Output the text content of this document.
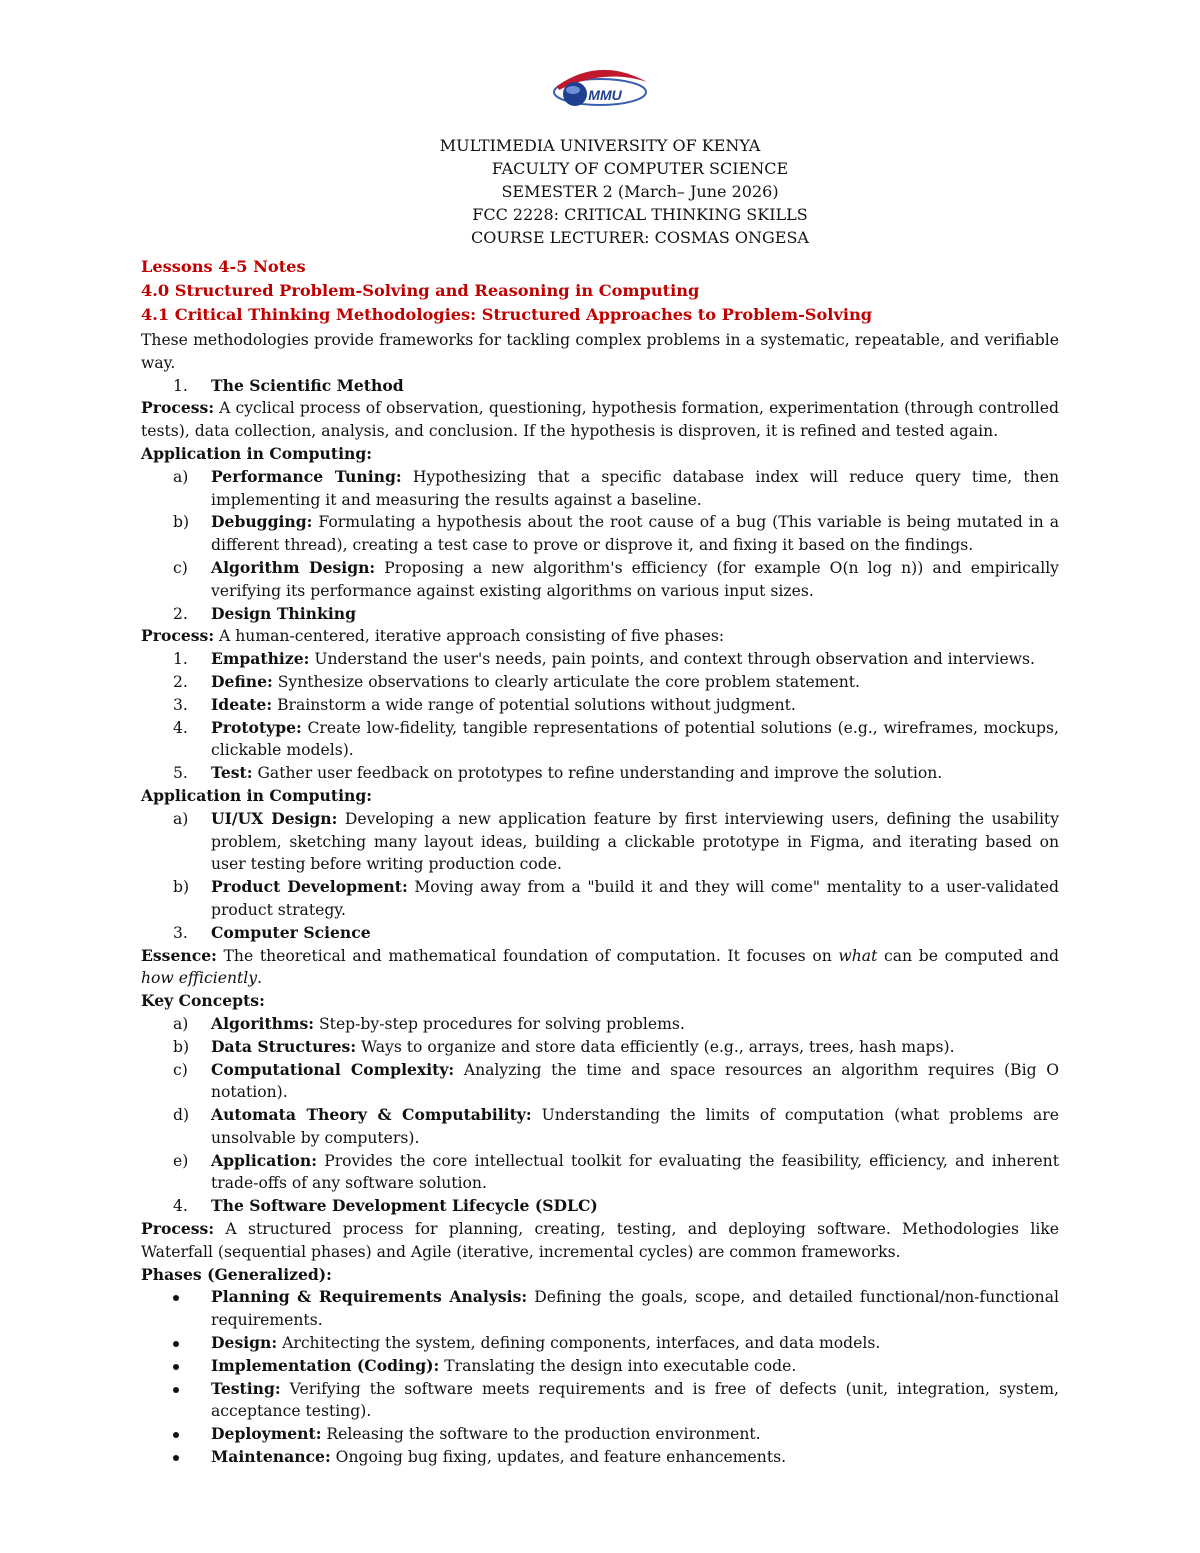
MMU
MULTIMEDIA UNIVERSITY OF KENYA
FACULTY OF COMPUTER SCIENCE
SEMESTER 2 (March– June 2026)
FCC 2228: CRITICAL THINKING SKILLS
COURSE LECTURER: COSMAS ONGESA
Lessons 4-5 Notes
4.0 Structured Problem-Solving and Reasoning in Computing
4.1 Critical Thinking Methodologies: Structured Approaches to Problem-Solving

These methodologies provide frameworks for tackling complex problems in a systematic, repeatable, and verifiable way.

1. The Scientific Method

Process: A cyclical process of observation, questioning, hypothesis formation, experimentation (through controlled tests), data collection, analysis, and conclusion. If the hypothesis is disproven, it is refined and tested again.

Application in Computing:

a) Performance Tuning: Hypothesizing that a specific database index will reduce query time, then implementing it and measuring the results against a baseline.
b) Debugging: Formulating a hypothesis about the root cause of a bug (This variable is being mutated in a different thread), creating a test case to prove or disprove it, and fixing it based on the findings.
c) Algorithm Design: Proposing a new algorithm's efficiency (for example O(n log n)) and empirically verifying its performance against existing algorithms on various input sizes.
2. Design Thinking

Process: A human-centered, iterative approach consisting of five phases:

1. Empathize: Understand the user's needs, pain points, and context through observation and interviews.
2. Define: Synthesize observations to clearly articulate the core problem statement.
3. Ideate: Brainstorm a wide range of potential solutions without judgment.
4. Prototype: Create low-fidelity, tangible representations of potential solutions (e.g., wireframes, mockups, clickable models).
5. Test: Gather user feedback on prototypes to refine understanding and improve the solution.

Application in Computing:

a) UI/UX Design: Developing a new application feature by first interviewing users, defining the usability problem, sketching many layout ideas, building a clickable prototype in Figma, and iterating based on user testing before writing production code.
b) Product Development: Moving away from a "build it and they will come" mentality to a user-validated product strategy.
3. Computer Science

Essence: The theoretical and mathematical foundation of computation. It focuses on what can be computed and how efficiently.

Key Concepts:

a) Algorithms: Step-by-step procedures for solving problems.
b) Data Structures: Ways to organize and store data efficiently (e.g., arrays, trees, hash maps).
c) Computational Complexity: Analyzing the time and space resources an algorithm requires (Big O notation).
d) Automata Theory & Computability: Understanding the limits of computation (what problems are unsolvable by computers).
e) Application: Provides the core intellectual toolkit for evaluating the feasibility, efficiency, and inherent trade-offs of any software solution.
4. The Software Development Lifecycle (SDLC)

Process: A structured process for planning, creating, testing, and deploying software. Methodologies like Waterfall (sequential phases) and Agile (iterative, incremental cycles) are common frameworks.

Phases (Generalized):

Planning & Requirements Analysis: Defining the goals, scope, and detailed functional/non-functional requirements.
Design: Architecting the system, defining components, interfaces, and data models.
Implementation (Coding): Translating the design into executable code.
Testing: Verifying the software meets requirements and is free of defects (unit, integration, system, acceptance testing).
Deployment: Releasing the software to the production environment.
Maintenance: Ongoing bug fixing, updates, and feature enhancements.
